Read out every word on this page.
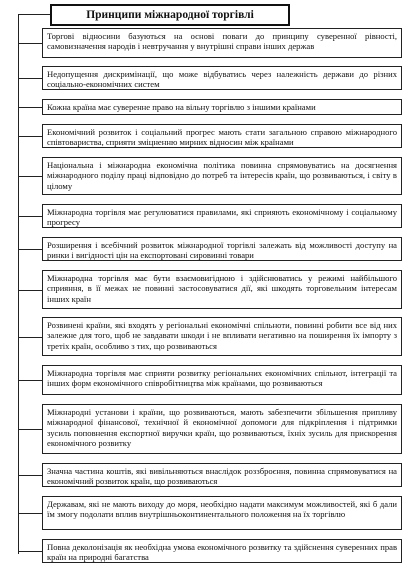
Принципи міжнародної торгівлі
Торгові відносини базуються на основі поваги до принципу суверенної рівності, самовизначення народів і невтручання у внутрішні справи інших держав
Недопущення дискримінації, що може відбуватись через належність держави до різних соціально-економічних систем
Кожна країна має суверенне право на вільну торгівлю з іншими країнами
Економічний розвиток і соціальний прогрес мають стати загальною справою міжнародного співтовариства, сприяти зміцненню мирних відносин між країнами
Національна і міжнародна економічна політика повинна спрямовуватись на досягнення міжнародного поділу праці відповідно до потреб та інтересів країн, що розвиваються, і світу в цілому
Міжнародна торгівля має регулюватися правилами, які сприяють економічному і соціальному прогресу
Розширення і всебічний розвиток міжнародної торгівлі залежать від можливості доступу на ринки і вигідності цін на експортовані сировинні товари
Міжнародна торгівля має бути взаємовигідною і здійснюватись у режимі найбільшого сприяння, в її межах не повинні застосовуватися дії, які шкодять торговельним інтересам інших країн
Розвинені країни, які входять у регіональні економічні спільноти, повинні робити все від них залежне для того, щоб не завдавати шкоди і не впливати негативно на поширення їх імпорту з третіх країн, особливо з тих, що розвиваються
Міжнародна торгівля має сприяти розвитку регіональних економічних спільнот, інтеграції та інших форм економічного співробітництва між країнами, що розвиваються
Міжнародні установи і країни, що розвиваються, мають забезпечити збільшення припливу міжнародної фінансової, технічної й економічної допомоги для підкріплення і підтримки зусиль поповнення експортної виручки країн, що розвиваються, їхніх зусиль для прискорення економічного розвитку
Значна частина коштів, які вивільняються внаслідок роззброєння, повинна спрямовуватися на економічний розвиток країн, що розвиваються
Державам, які не мають виходу до моря, необхідно надати максимум можливостей, які б дали їм змогу подолати вплив внутрішньоконтинентального положення на їх торгівлю
Повна деколонізація як необхідна умова економічного розвитку та здійснення суверенних прав країн на природні багатства
